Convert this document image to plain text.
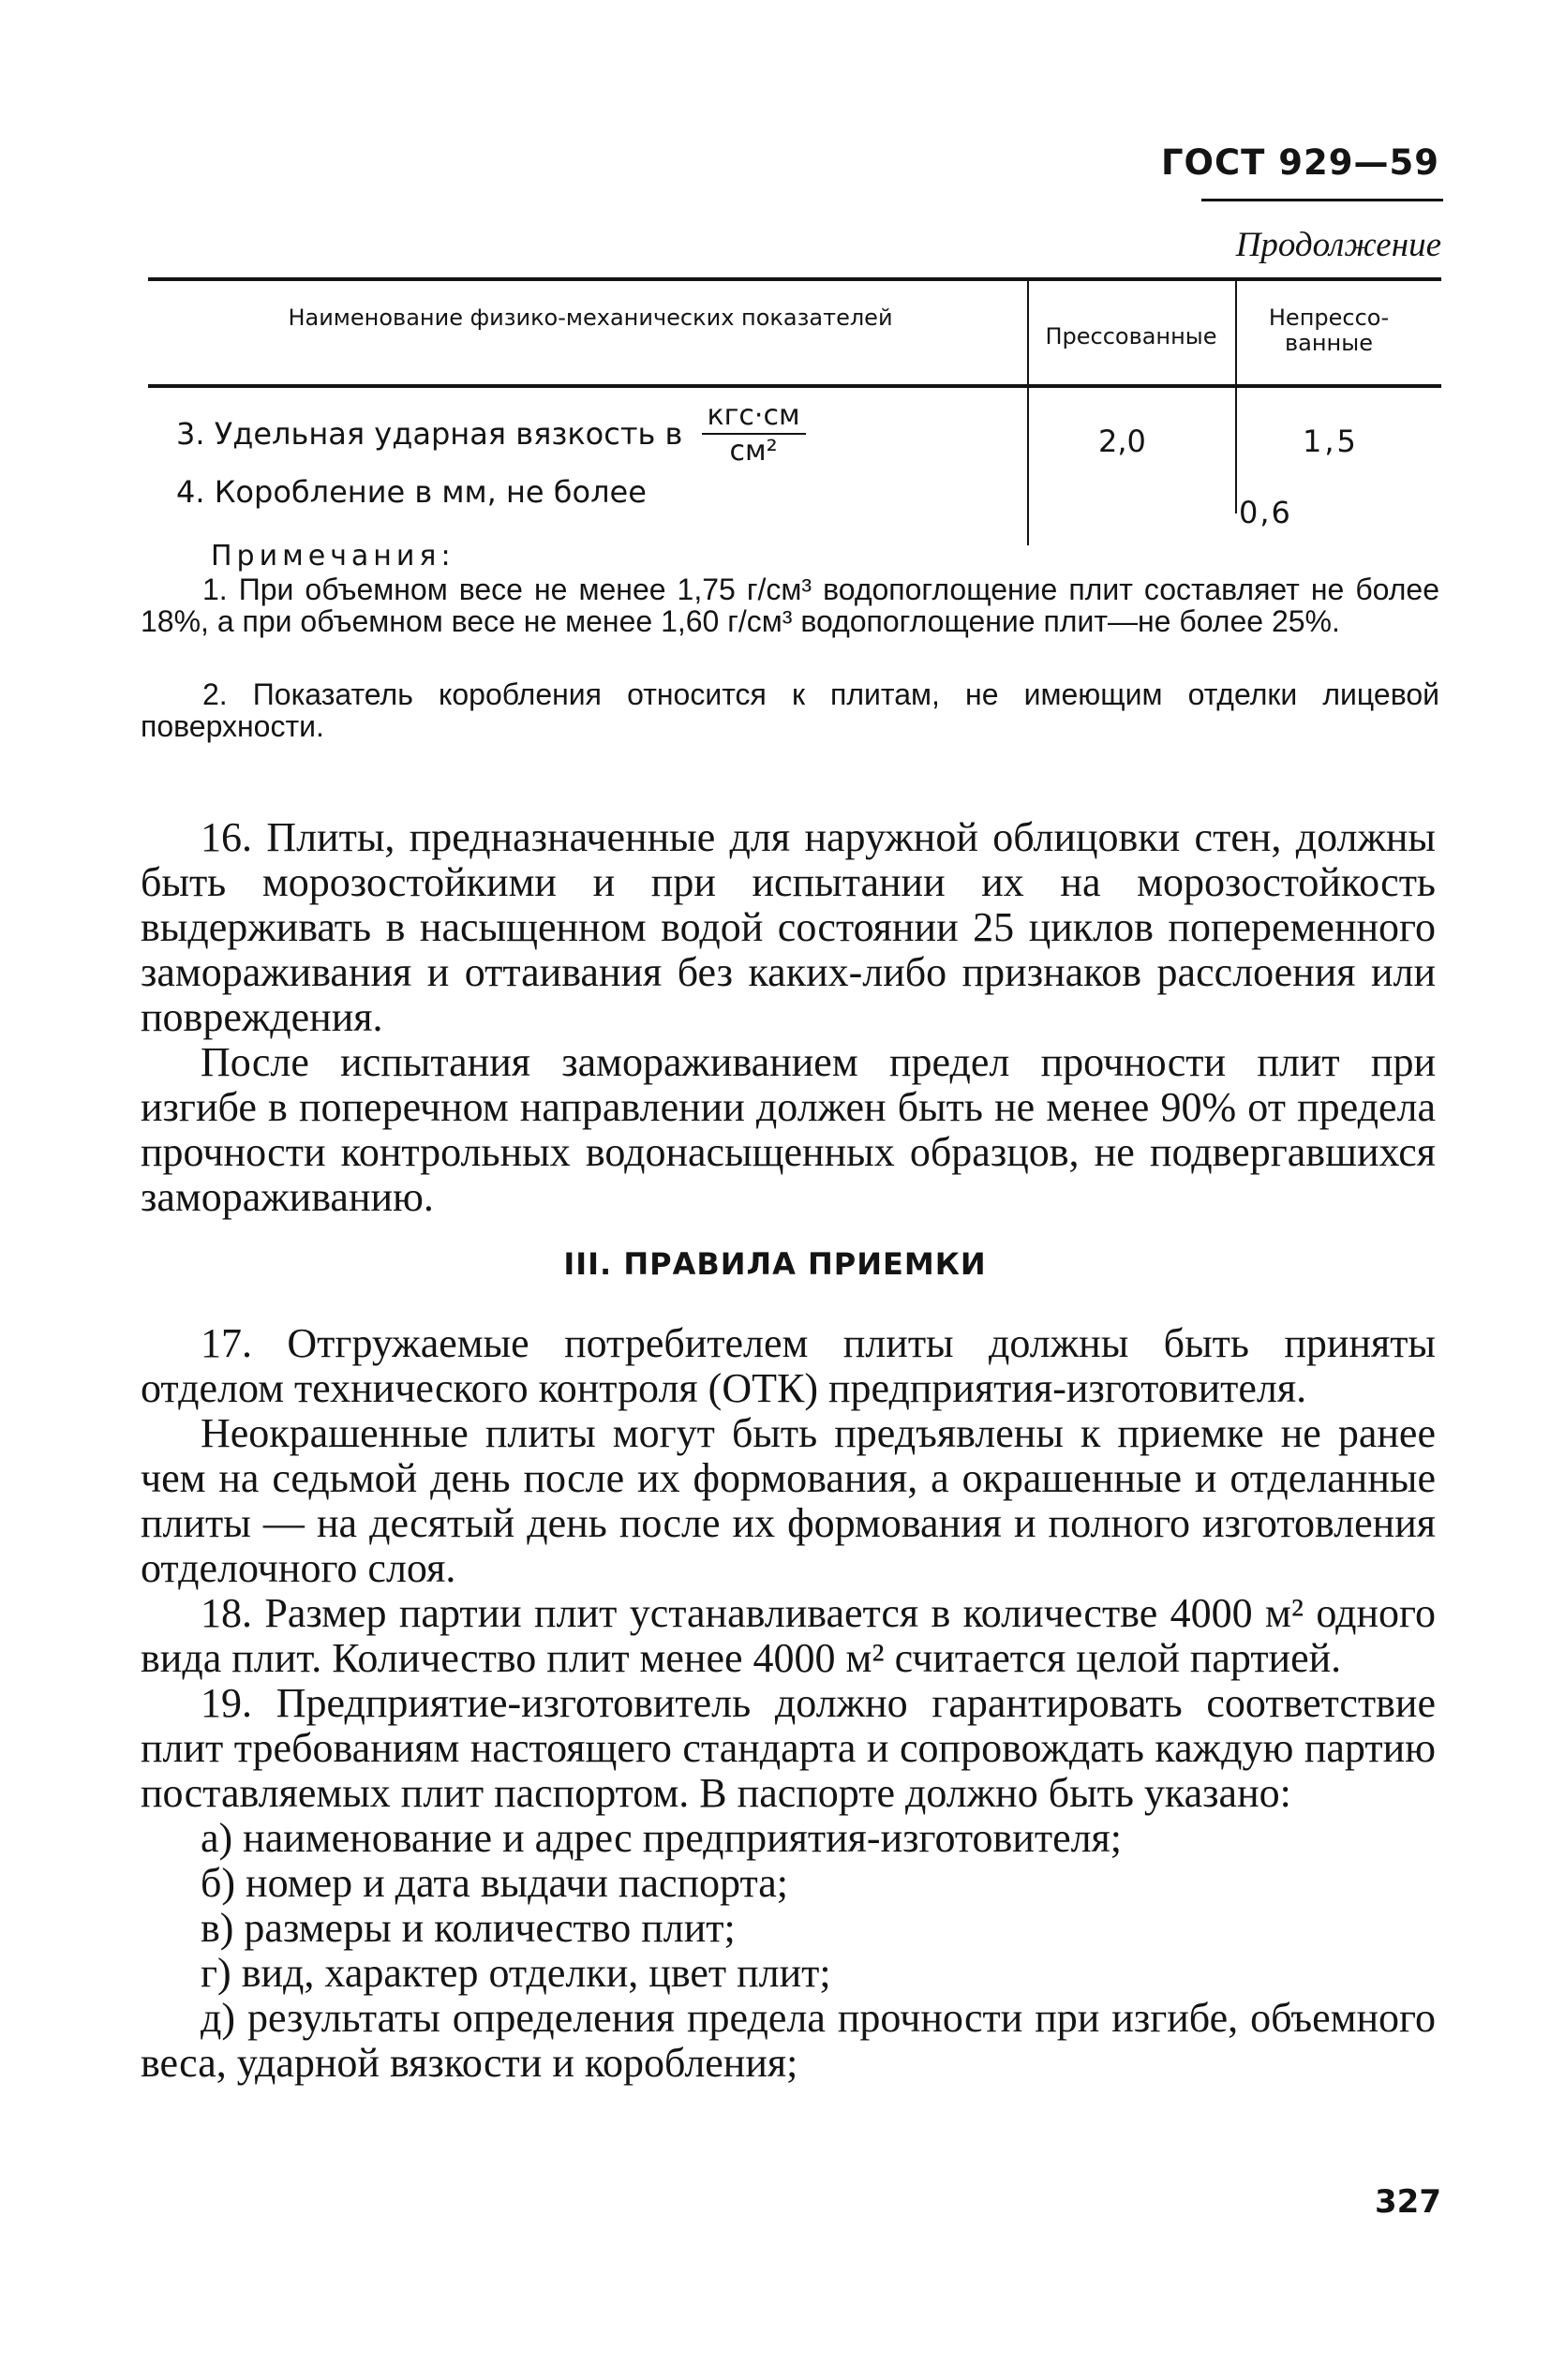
ГОСТ 929—59
Продолжение
Наименование физико-механических показателей
Прессованные
Непрессо-ванные
3. Удельная ударная вязкость в $\frac{\text{кгс·см}}{\text{см²}}$	2,0	1,5
4. Коробление в мм, не более
0,6
Примечания:
1. При объемном весе не менее 1,75 г/см³ водопоглощение плит составляет не более 18%, а при объемном весе не менее 1,60 г/см³ водопоглощение плит—не более 25%.
2. Показатель коробления относится к плитам, не имеющим отделки лицевой поверхности.

16. Плиты, предназначенные для наружной облицовки стен, должны быть морозостойкими и при испытании их на морозостойкость выдерживать в насыщенном водой состоянии 25 циклов попеременного замораживания и оттаивания без каких-либо признаков расслоения или повреждения.

После испытания замораживанием предел прочности плит при изгибе в поперечном направлении должен быть не менее 90% от предела прочности контрольных водонасыщенных образцов, не подвергавшихся замораживанию.

III. ПРАВИЛА ПРИЕМКИ

17. Отгружаемые потребителем плиты должны быть приняты отделом технического контроля (ОТК) предприятия-изготовителя.

Неокрашенные плиты могут быть предъявлены к приемке не ранее чем на седьмой день после их формования, а окрашенные и отделанные плиты — на десятый день после их формования и полного изготовления отделочного слоя.

18. Размер партии плит устанавливается в количестве 4000 м² одного вида плит. Количество плит менее 4000 м² считается целой партией.

19. Предприятие-изготовитель должно гарантировать соответствие плит требованиям настоящего стандарта и сопровождать каждую партию поставляемых плит паспортом. В паспорте должно быть указано:

а) наименование и адрес предприятия-изготовителя;

б) номер и дата выдачи паспорта;

в) размеры и количество плит;

г) вид, характер отделки, цвет плит;

д) результаты определения предела прочности при изгибе, объемного веса, ударной вязкости и коробления;

327
